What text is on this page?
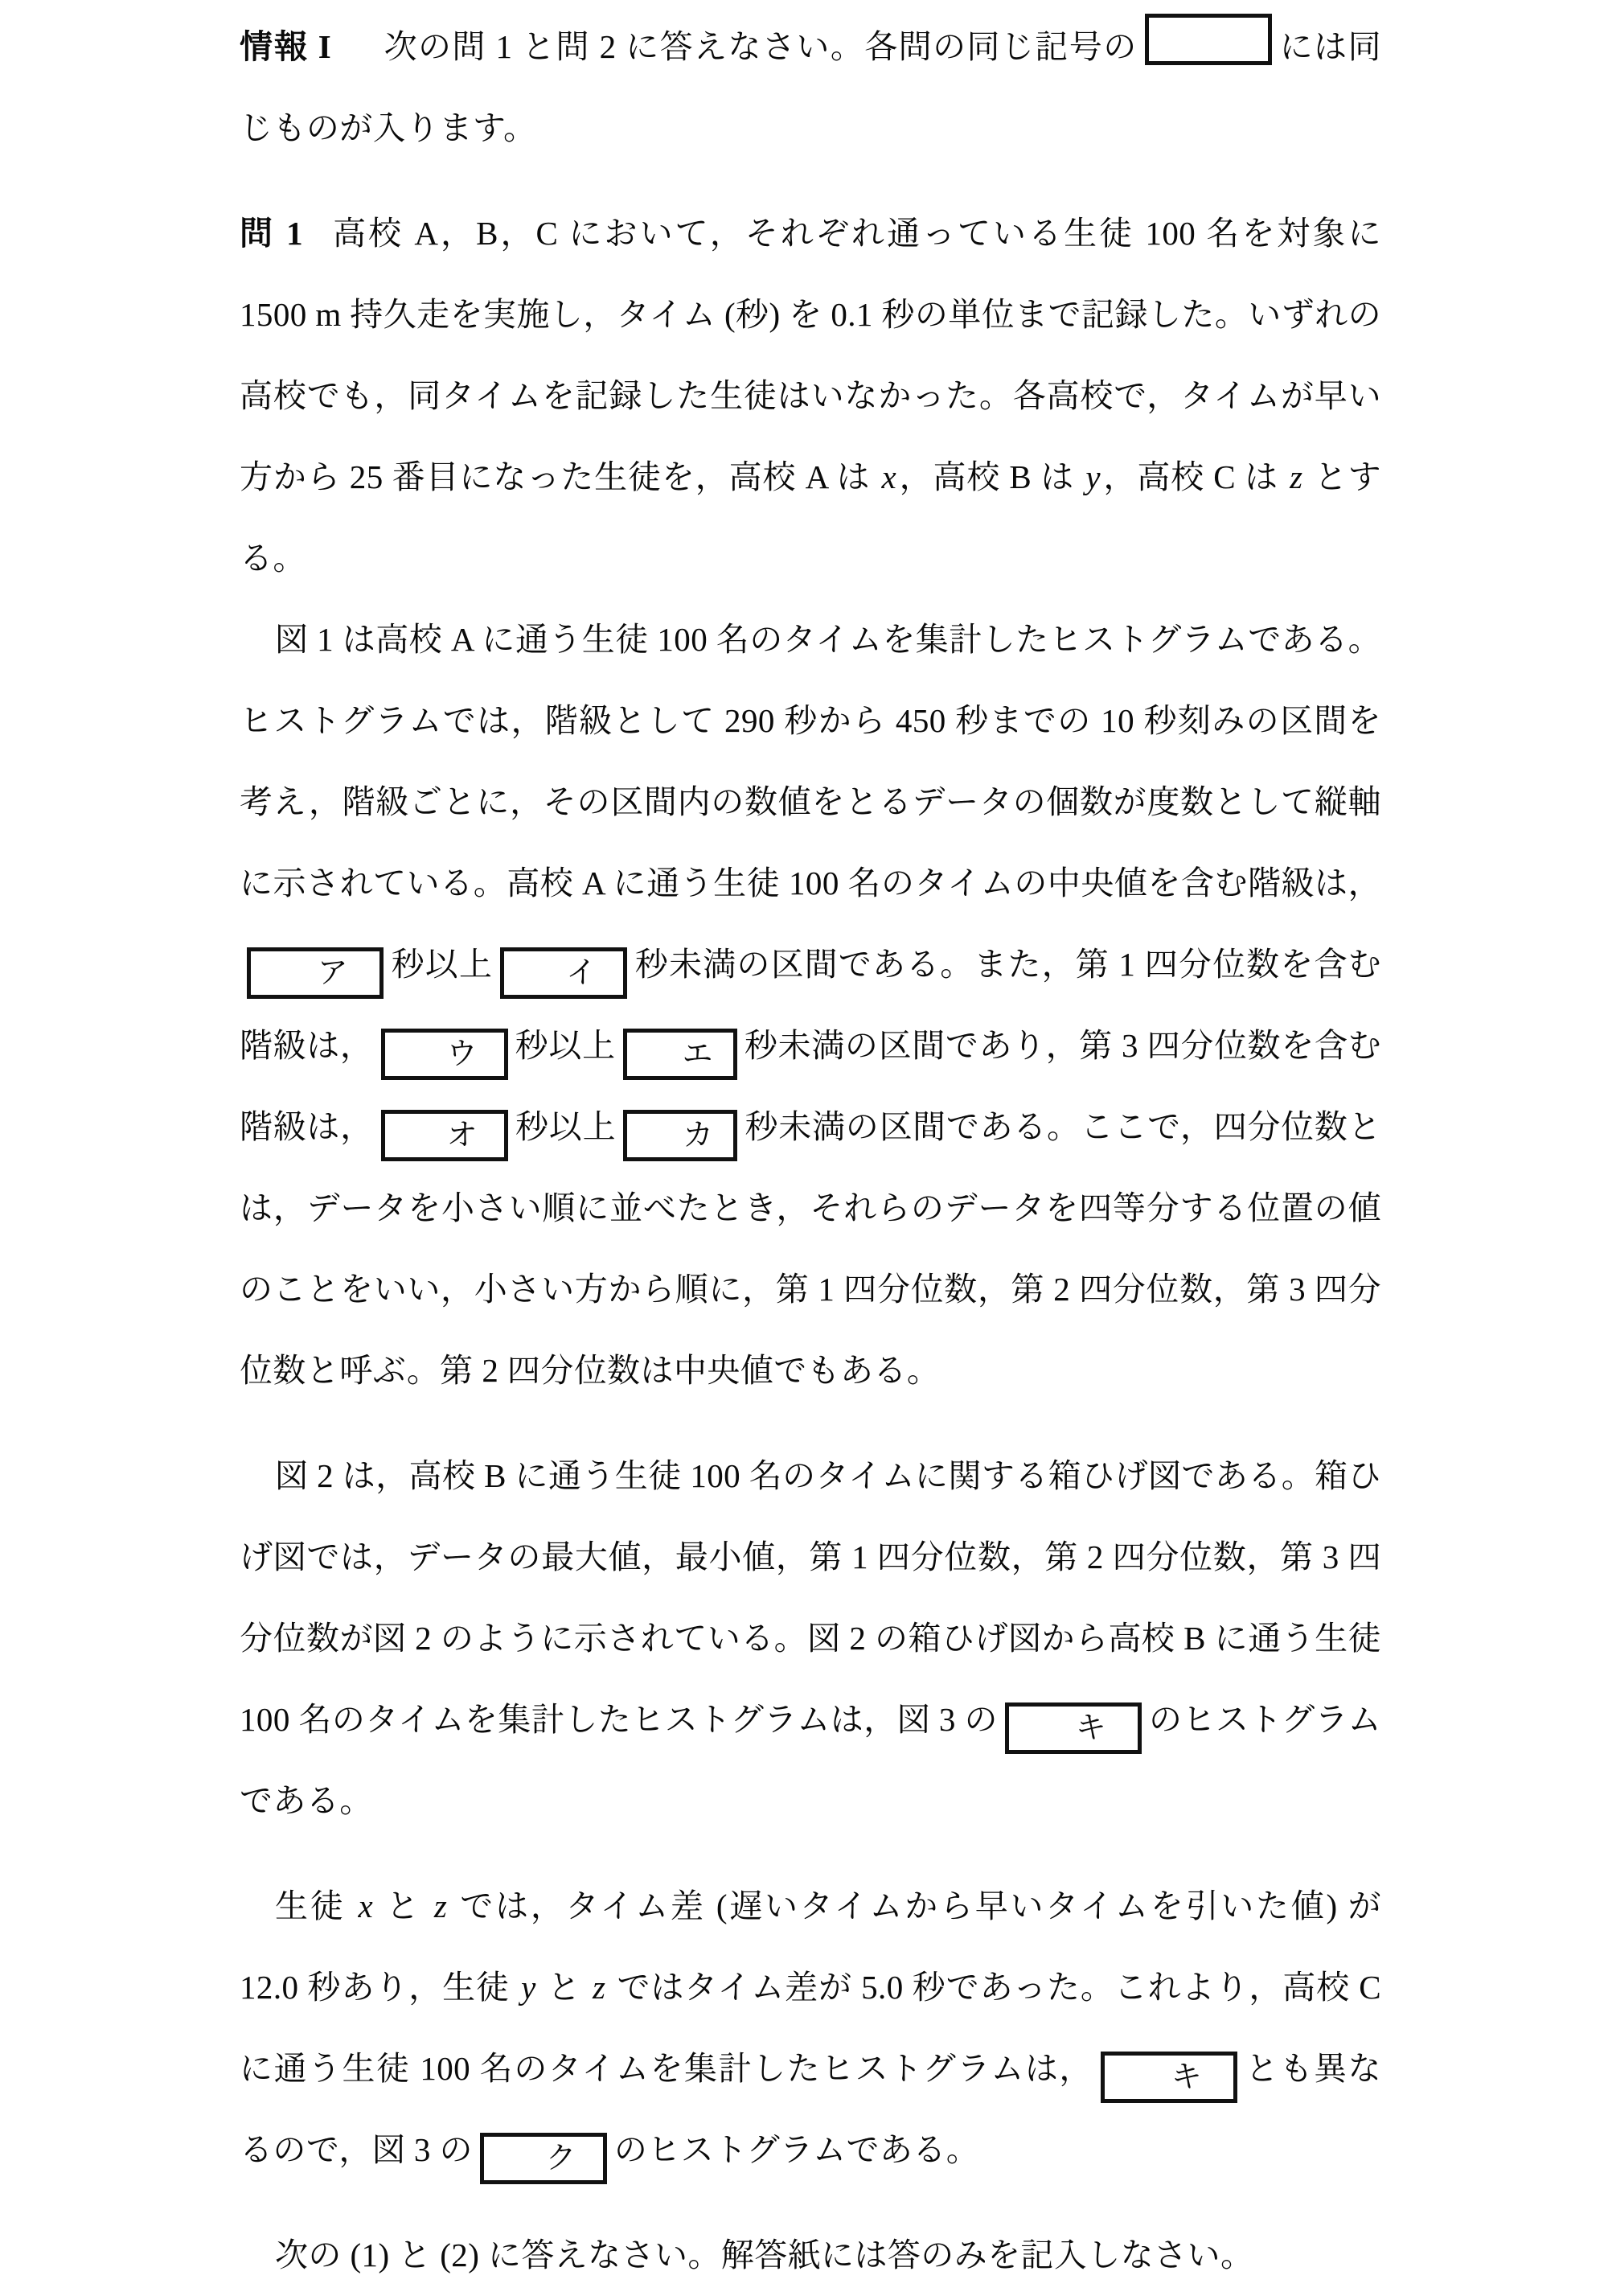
情報 I 次の問 1 と問 2 に答えなさい。各問の同じ記号の	には同じものが入ります。

問 1 高校 A，B，C において，それぞれ通っている生徒 100 名を対象に 1500 m 持久走を実施し，タイム (秒) を 0.1 秒の単位まで記録した。いずれの高校でも，同タイムを記録した生徒はいなかった。各高校で，タイムが早い方から 25 番目になった生徒を，高校 A は x，高校 B は y，高校 C は z とする。

図 1 は高校 A に通う生徒 100 名のタイムを集計したヒストグラムである。ヒストグラムでは，階級として 290 秒から 450 秒までの 10 秒刻みの区間を考え，階級ごとに，その区間内の数値をとるデータの個数が度数として縦軸に示されている。高校 A に通う生徒 100 名のタイムの中央値を含む階級は，ア 秒以上 イ 秒未満の区間である。また，第 1 四分位数を含む階級は， ウ 秒以上 エ 秒未満の区間であり，第 3 四分位数を含む階級は， オ 秒以上 カ 秒未満の区間である。ここで，四分位数とは，データを小さい順に並べたとき，それらのデータを四等分する位置の値のことをいい，小さい方から順に，第 1 四分位数，第 2 四分位数，第 3 四分位数と呼ぶ。第 2 四分位数は中央値でもある。

図 2 は，高校 B に通う生徒 100 名のタイムに関する箱ひげ図である。箱ひげ図では，データの最大値，最小値，第 1 四分位数，第 2 四分位数，第 3 四分位数が図 2 のように示されている。図 2 の箱ひげ図から高校 B に通う生徒 100 名のタイムを集計したヒストグラムは，図 3 の	キ のヒストグラムである。

生徒 x と z では，タイム差 (遅いタイムから早いタイムを引いた値) が 12.0 秒あり，生徒 y と z ではタイム差が 5.0 秒であった。これより，高校 C に通う生徒 100 名のタイムを集計したヒストグラムは，	キ とも異なるので，図 3 の ク のヒストグラムである。

次の (1) と (2) に答えなさい。解答紙には答のみを記入しなさい。
